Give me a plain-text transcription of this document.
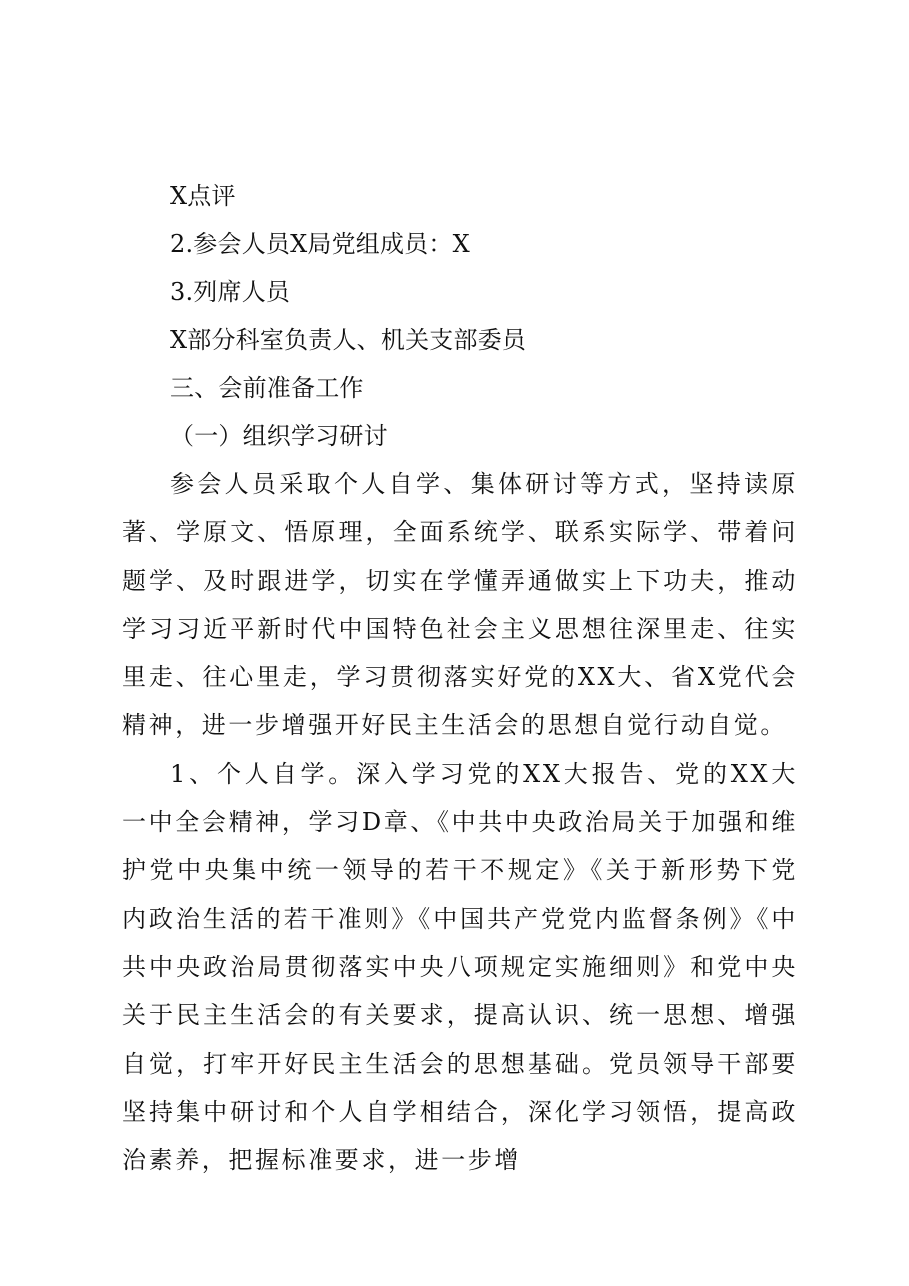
X点评
2.参会人员X局党组成员：X
3.列席人员
X部分科室负责人、机关支部委员
三、会前准备工作
（一）组织学习研讨
参会人员采取个人自学、集体研讨等方式，坚持读原著、学原文、悟原理，全面系统学、联系实际学、带着问题学、及时跟进学，切实在学懂弄通做实上下功夫，推动学习习近平新时代中国特色社会主义思想往深里走、往实里走、往心里走，学习贯彻落实好党的XX大、省X党代会精神，进一步增强开好民主生活会的思想自觉行动自觉。
1、个人自学。深入学习党的XX大报告、党的XX大一中全会精神，学习D章、《中共中央政治局关于加强和维护党中央集中统一领导的若干不规定》《关于新形势下党内政治生活的若干准则》《中国共产党党内监督条例》《中共中央政治局贯彻落实中央八项规定实施细则》和党中央关于民主生活会的有关要求，提高认识、统一思想、增强自觉，打牢开好民主生活会的思想基础。党员领导干部要坚持集中研讨和个人自学相结合，深化学习领悟，提高政治素养，把握标准要求，进一步增
